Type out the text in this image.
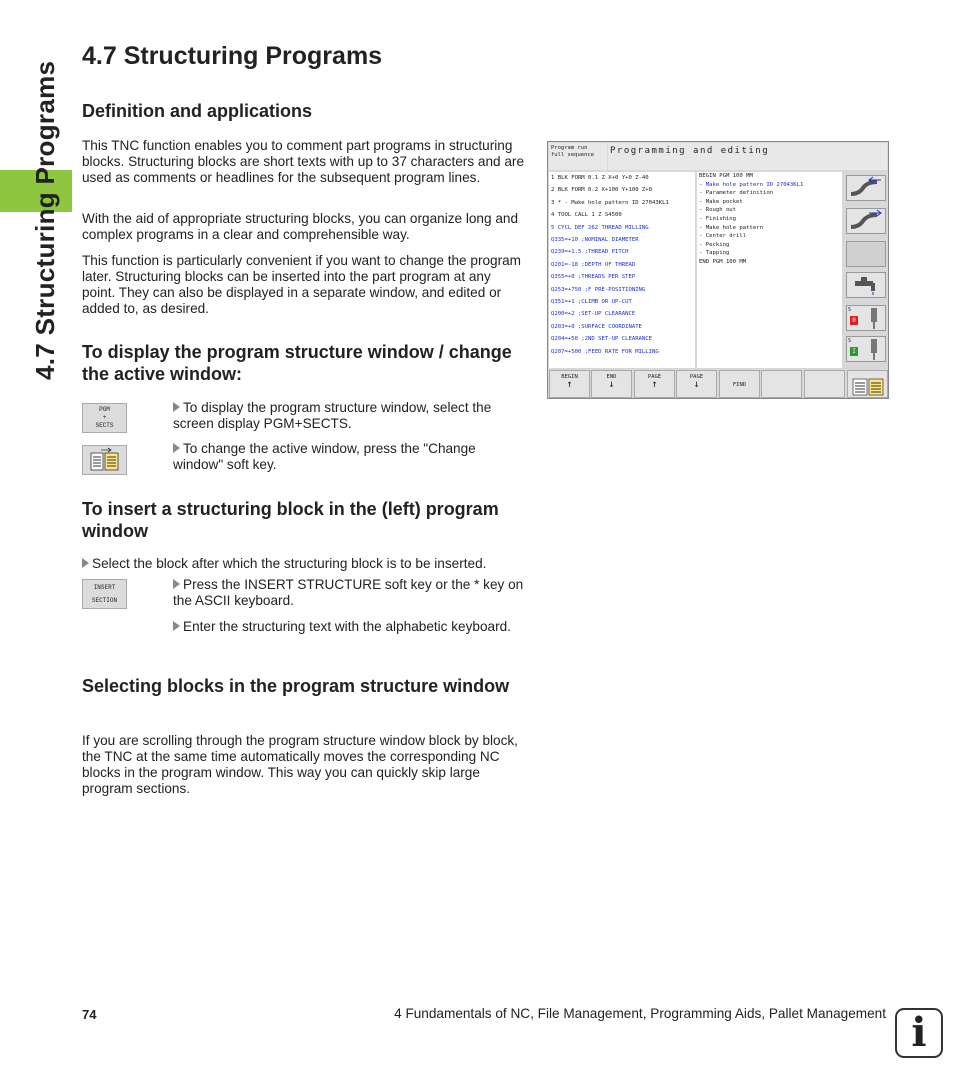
4.7 Structuring Programs
4.7 Structuring Programs
Definition and applications

This TNC function enables you to comment part programs in structuring blocks. Structuring blocks are short texts with up to 37 characters and are used as comments or headlines for the subsequent program lines.

With the aid of appropriate structuring blocks, you can organize long and complex programs in a clear and comprehensible way.

This function is particularly convenient if you want to change the program later. Structuring blocks can be inserted into the part program at any point. They can also be displayed in a separate window, and edited or added to, as desired.

To display the program structure window / change the active window:
PGM
+
SECTS

To display the program structure window, select the screen display PGM+SECTS.

To change the active window, press the "Change window" soft key.

To insert a structuring block in the (left) program window

Select the block after which the structuring block is to be inserted.

INSERT
SECTION

Press the INSERT STRUCTURE soft key or the * key on the ASCII keyboard.

Enter the structuring text with the alphabetic keyboard.

Selecting blocks in the program structure window

If you are scrolling through the program structure window block by block, the TNC at the same time automatically moves the corresponding NC blocks in the program window. This way you can quickly skip large program sections.

Program run
full sequence	Programming and editing
1 BLK FORM 0.1 Z X+0 Y+0 Z-40
2 BLK FORM 0.2 X+100 Y+100 Z+0
3 * - Make hole pattern ID 27043KL1
4 TOOL CALL 1 Z S4500
5 CYCL DEF 262 THREAD MILLING
Q335=+10 ;NOMINAL DIAMETER
Q239=+1.5 ;THREAD PITCH
Q201=-18 ;DEPTH OF THREAD
Q355=+0 ;THREADS PER STEP
Q253=+750 ;F PRE-POSITIONING
Q351=+1 ;CLIMB OR UP-CUT
Q200=+2 ;SET-UP CLEARANCE
Q203=+0 ;SURFACE COORDINATE
Q204=+50 ;2ND SET-UP CLEARANCE
Q207=+500 ;FEED RATE FOR MILLING
BEGIN PGM 100 MM
- Make hole pattern ID 27043KL1
- Parameter definition
- Make pocket
- Rough out
- Finishing
- Make hole pattern
- Center drill
- Pecking
- Tapping
END PGM 100 MM
S
0
S
I
BEGIN
↑
END
↓
PAGE
↑
PAGE
↓	FIND
74	4 Fundamentals of NC, File Management, Programming Aids, Pallet Management i
